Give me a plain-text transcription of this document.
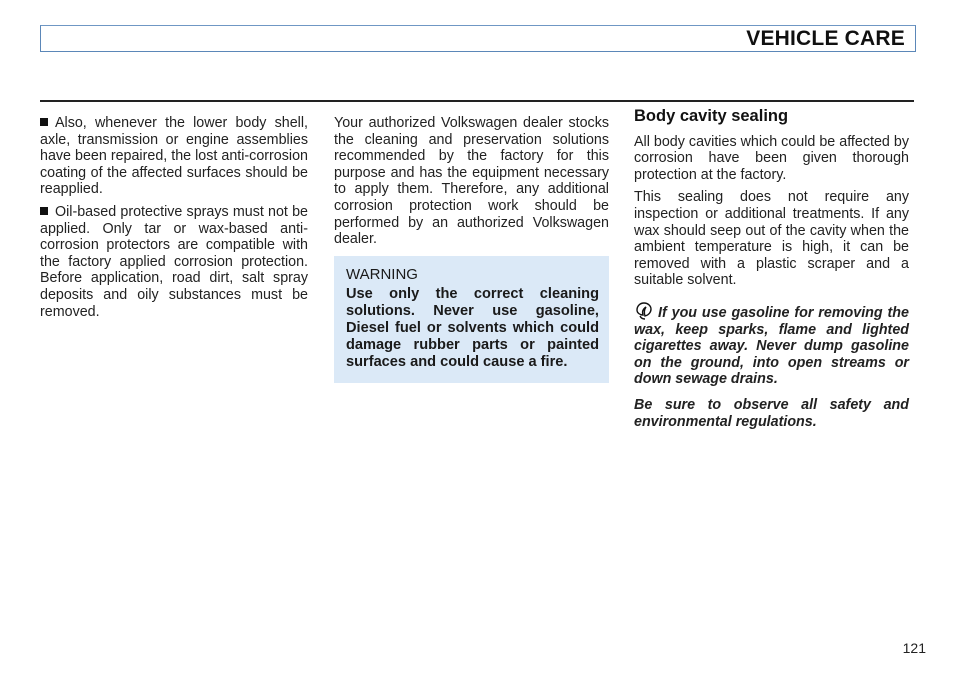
VEHICLE CARE

Also, whenever the lower body shell, axle, transmission or engine assemblies have been repaired, the lost anti-corrosion coating of the affected surfaces should be reapplied.

Oil-based protective sprays must not be applied. Only tar or wax-based anti-corrosion protectors are compatible with the factory applied corrosion protection. Before application, road dirt, salt spray deposits and oily substances must be removed.

Your authorized Volkswagen dealer stocks the cleaning and preservation solutions recommended by the factory for this purpose and has the equipment necessary to apply them. Therefore, any additional corrosion protection work should be performed by an authorized Volkswagen dealer.

WARNING
Use only the correct cleaning solutions. Never use gasoline, Diesel fuel or solvents which could damage rubber parts or painted surfaces and could cause a fire.
Body cavity sealing

All body cavities which could be affected by corrosion have been given thorough protection at the factory.

This sealing does not require any inspection or additional treatments. If any wax should seep out of the cavity when the ambient temperature is high, it can be removed with a plastic scraper and a suitable solvent.

If you use gasoline for removing the wax, keep sparks, flame and lighted cigarettes away. Never dump gasoline on the ground, into open streams or down sewage drains.

Be sure to observe all safety and environmental regulations.

121
